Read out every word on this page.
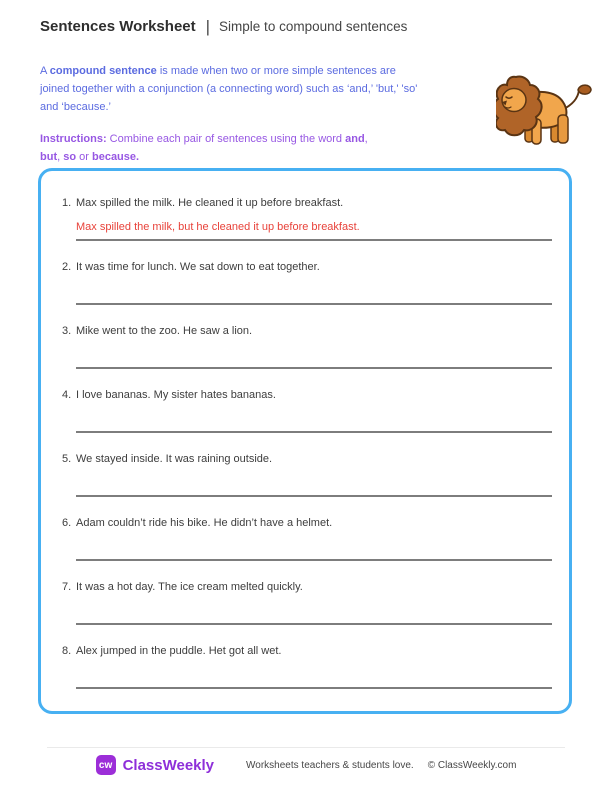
Sentences Worksheet | Simple to compound sentences

A compound sentence is made when two or more simple sentences are
joined together with a conjunction (a connecting word) such as ‘and,’ 'but,' 'so'
and ‘because.’

Instructions: Combine each pair of sentences using the word and,
but, so or because.

1. Max spilled the milk. He cleaned it up before breakfast.
Max spilled the milk, but he cleaned it up before breakfast.
2. It was time for lunch. We sat down to eat together.
3. Mike went to the zoo. He saw a lion.
4. I love bananas. My sister hates bananas.
5. We stayed inside. It was raining outside.
6. Adam couldn’t ride his bike. He didn’t have a helmet.
7. It was a hot day. The ice cream melted quickly.
8. Alex jumped in the puddle. Het got all wet.
cw ClassWeekly	Worksheets teachers & students love. © ClassWeekly.com
